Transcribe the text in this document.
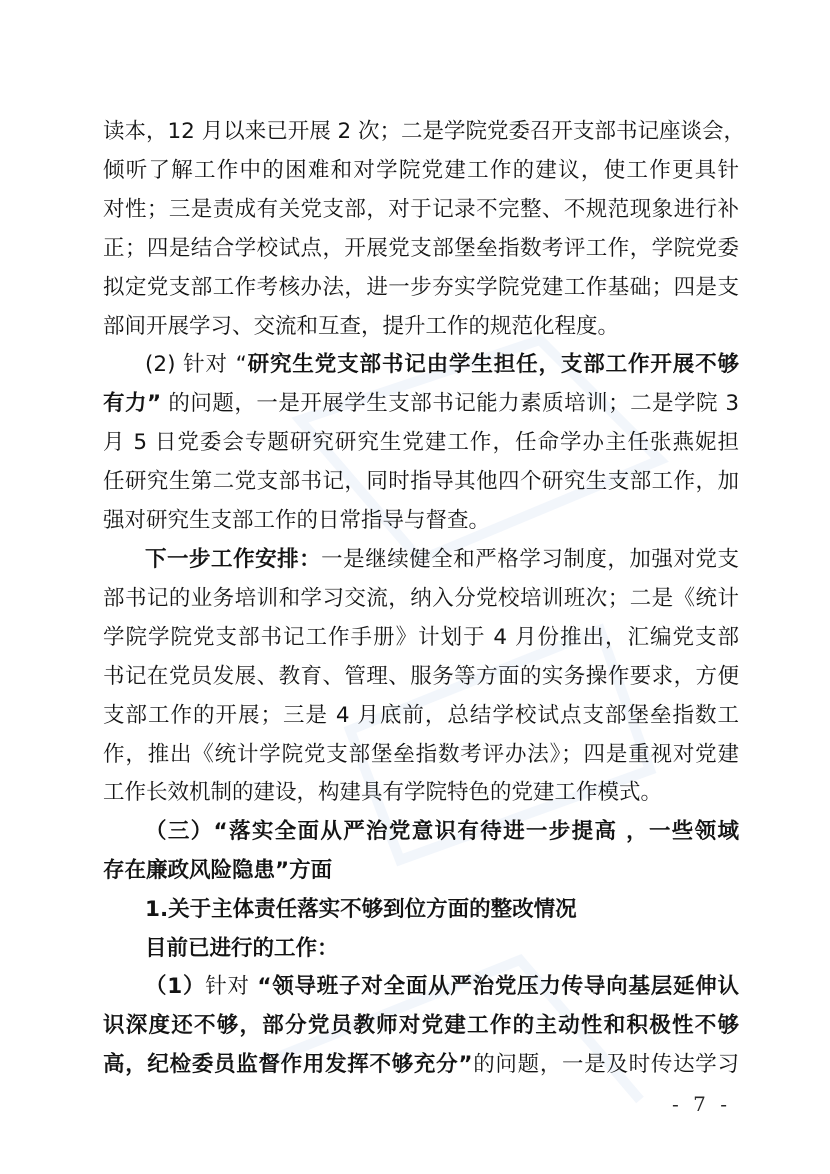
读本，12 月以来已开展 2 次；二是学院党委召开支部书记座谈会，
倾听了解工作中的困难和对学院党建工作的建议，使工作更具针
对性；三是责成有关党支部，对于记录不完整、不规范现象进行补
正；四是结合学校试点，开展党支部堡垒指数考评工作，学院党委
拟定党支部工作考核办法，进一步夯实学院党建工作基础；四是支
部间开展学习、交流和互查，提升工作的规范化程度。
(2) 针对 “研究生党支部书记由学生担任，支部工作开展不够
有力” 的问题，一是开展学生支部书记能力素质培训；二是学院 3
月 5 日党委会专题研究研究生党建工作，任命学办主任张燕妮担
任研究生第二党支部书记，同时指导其他四个研究生支部工作，加
强对研究生支部工作的日常指导与督查。
下一步工作安排：一是继续健全和严格学习制度，加强对党支
部书记的业务培训和学习交流，纳入分党校培训班次；二是《统计
学院学院党支部书记工作手册》计划于 4 月份推出，汇编党支部
书记在党员发展、教育、管理、服务等方面的实务操作要求，方便
支部工作的开展；三是 4 月底前，总结学校试点支部堡垒指数工
作，推出《统计学院党支部堡垒指数考评办法》；四是重视对党建
工作长效机制的建设，构建具有学院特色的党建工作模式。
（三）“落实全面从严治党意识有待进一步提高 ，一些领域
存在廉政风险隐患”方面
1.关于主体责任落实不够到位方面的整改情况
目前已进行的工作：
（1）针对 “领导班子对全面从严治党压力传导向基层延伸认
识深度还不够，部分党员教师对党建工作的主动性和积极性不够
高，纪检委员监督作用发挥不够充分”的问题，一是及时传达学习
- 7 -
